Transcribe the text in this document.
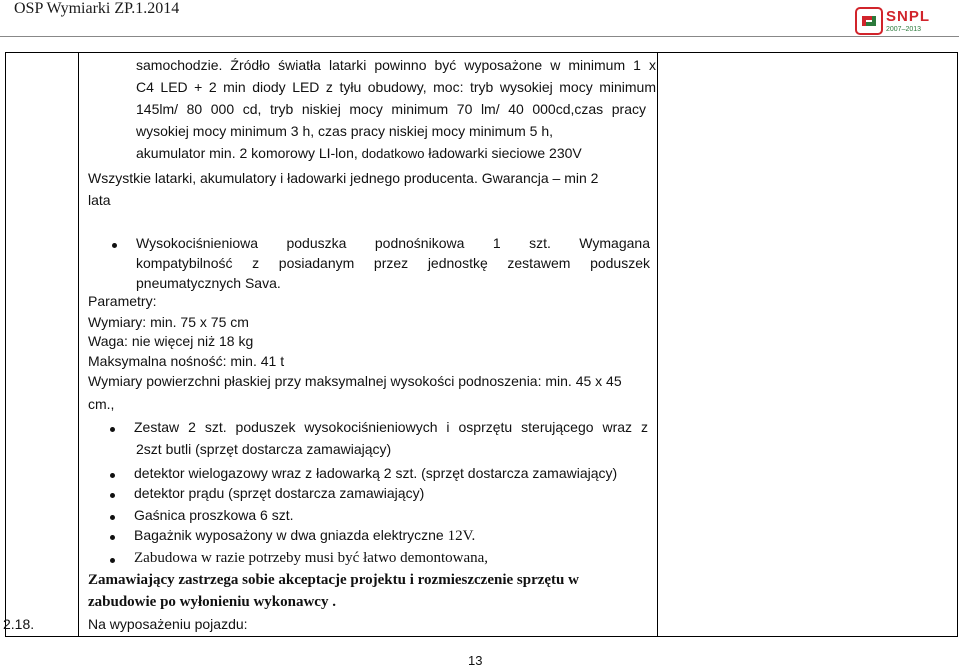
OSP Wymiarki ZP.1.2014	SNPL
2007–2013
samochodzie. Źródło światła latarki powinno być wyposażone w minimum 1 x
C4 LED + 2 min diody LED z tyłu obudowy, moc: tryb wysokiej mocy minimum
145lm/ 80 000 cd, tryb niskiej mocy minimum 70 lm/ 40 000cd,czas pracy
wysokiej mocy minimum 3 h, czas pracy niskiej mocy minimum 5 h,
akumulator min. 2 komorowy LI-lon, dodatkowo ładowarki sieciowe 230V
Wszystkie latarki, akumulatory i ładowarki jednego producenta. Gwarancja – min 2
lata
Wysokociśnieniowa poduszka podnośnikowa 1 szt. Wymagana
kompatybilność z posiadanym przez jednostkę zestawem poduszek
pneumatycznych Sava.
Parametry:
Wymiary: min. 75 x 75 cm
Waga: nie więcej niż 18 kg
Maksymalna nośność: min. 41 t
Wymiary powierzchni płaskiej przy maksymalnej wysokości podnoszenia: min. 45 x 45
cm.,
Zestaw 2 szt. poduszek wysokociśnieniowych i osprzętu sterującego wraz z
2szt butli (sprzęt dostarcza zamawiający)
detektor wielogazowy wraz z ładowarką 2 szt. (sprzęt dostarcza zamawiający)
detektor prądu (sprzęt dostarcza zamawiający)
Gaśnica proszkowa 6 szt.
Bagażnik wyposażony w dwa gniazda elektryczne 12V.
Zabudowa w razie potrzeby musi być łatwo demontowana,
Zamawiający zastrzega sobie akceptacje projektu i rozmieszczenie sprzętu w
zabudowie po wyłonieniu wykonawcy .
Na wyposażeniu pojazdu:
2.18.
13
